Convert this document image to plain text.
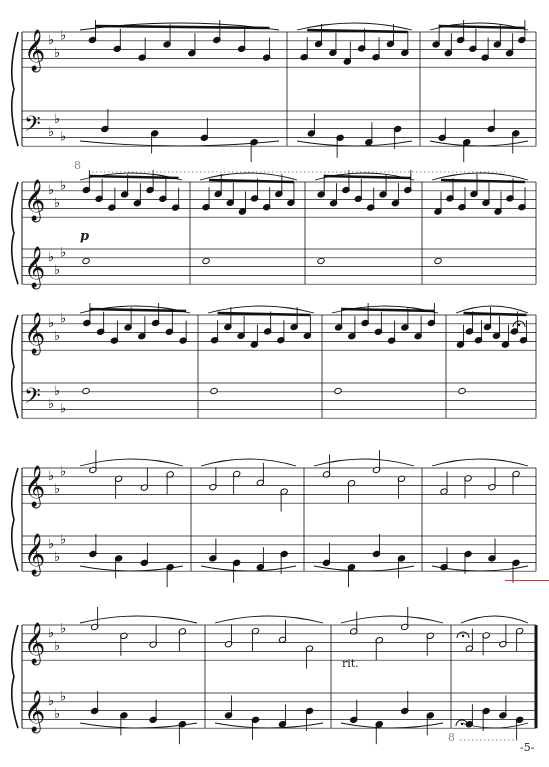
𝄞
𝄢
♭
♭
♭
♭
♭
♭
𝄞
𝄞
♭
♭
♭
♭
♭
♭
𝄞
𝄢
♭
♭
♭
♭
♭
♭
𝄞
𝄞
♭
♭
♭
♭
♭
♭
𝄞
𝄞
♭
♭
♭
♭
♭
♭
8
p
rit.
8
-5-
